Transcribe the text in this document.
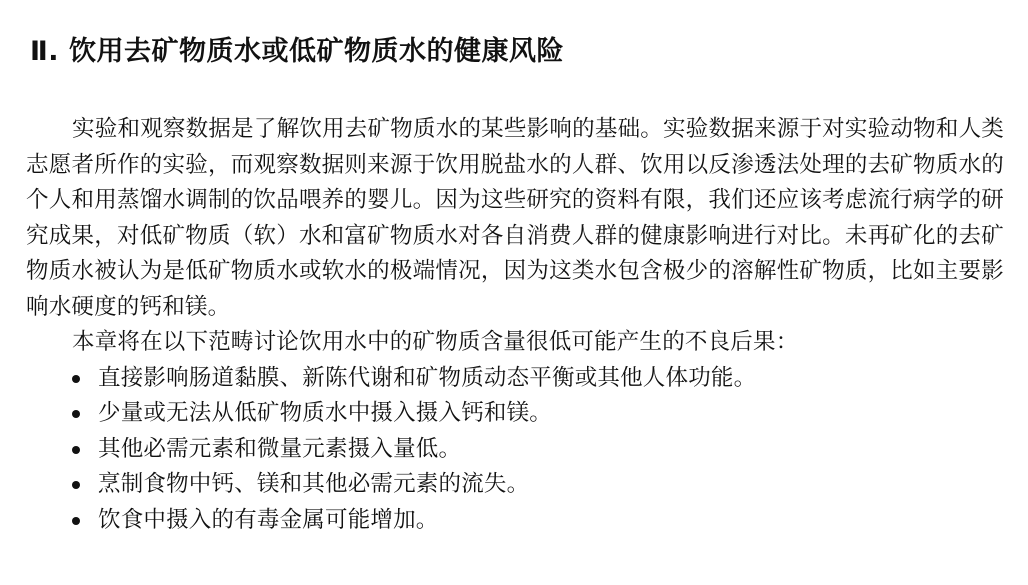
Ⅱ. 饮用去矿物质水或低矿物质水的健康风险

实验和观察数据是了解饮用去矿物质水的某些影响的基础。实验数据来源于对实验动物和人类志愿者所作的实验，而观察数据则来源于饮用脱盐水的人群、饮用以反渗透法处理的去矿物质水的个人和用蒸馏水调制的饮品喂养的婴儿。因为这些研究的资料有限，我们还应该考虑流行病学的研究成果，对低矿物质（软）水和富矿物质水对各自消费人群的健康影响进行对比。未再矿化的去矿物质水被认为是低矿物质水或软水的极端情况，因为这类水包含极少的溶解性矿物质，比如主要影响水硬度的钙和镁。

本章将在以下范畴讨论饮用水中的矿物质含量很低可能产生的不良后果：

直接影响肠道黏膜、新陈代谢和矿物质动态平衡或其他人体功能。
少量或无法从低矿物质水中摄入摄入钙和镁。
其他必需元素和微量元素摄入量低。
烹制食物中钙、镁和其他必需元素的流失。
饮食中摄入的有毒金属可能增加。
